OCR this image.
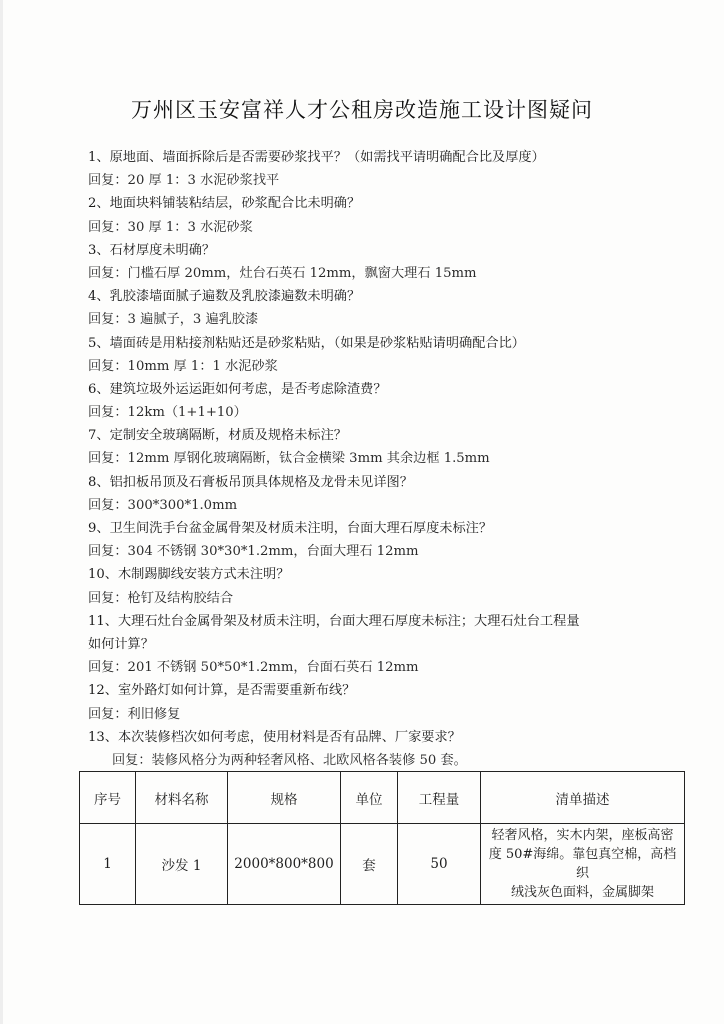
万州区玉安富祥人才公租房改造施工设计图疑问
1、原地面、墙面拆除后是否需要砂浆找平？（如需找平请明确配合比及厚度）
回复：20 厚 1：3 水泥砂浆找平
2、地面块料铺装粘结层，砂浆配合比未明确？
回复：30 厚 1：3 水泥砂浆
3、石材厚度未明确？
回复：门槛石厚 20mm，灶台石英石 12mm，飘窗大理石 15mm
4、乳胶漆墙面腻子遍数及乳胶漆遍数未明确？
回复：3 遍腻子，3 遍乳胶漆
5、墙面砖是用粘接剂粘贴还是砂浆粘贴，（如果是砂浆粘贴请明确配合比）
回复：10mm 厚 1：1 水泥砂浆
6、建筑垃圾外运运距如何考虑，是否考虑除渣费？
回复：12km（1+1+10）
7、定制安全玻璃隔断，材质及规格未标注？
回复：12mm 厚钢化玻璃隔断，钛合金横梁 3mm 其余边框 1.5mm
8、铝扣板吊顶及石膏板吊顶具体规格及龙骨未见详图？
回复：300*300*1.0mm
9、卫生间洗手台盆金属骨架及材质未注明，台面大理石厚度未标注？
回复：304 不锈钢 30*30*1.2mm，台面大理石 12mm
10、木制踢脚线安装方式未注明？
回复：枪钉及结构胶结合
11、大理石灶台金属骨架及材质未注明，台面大理石厚度未标注；大理石灶台工程量
如何计算？
回复：201 不锈钢 50*50*1.2mm，台面石英石 12mm
12、室外路灯如何计算，是否需要重新布线？
回复：利旧修复
13、本次装修档次如何考虑，使用材料是否有品牌、厂家要求？
回复：装修风格分为两种轻奢风格、北欧风格各装修 50 套。
序号	材料名称	规格	单位	工程量	清单描述
1	沙发 1	2000*800*800	套	50	轻奢风格，实木内架，座板高密
度 50#海绵。靠包真空棉，高档织
绒浅灰色面料，金属脚架
